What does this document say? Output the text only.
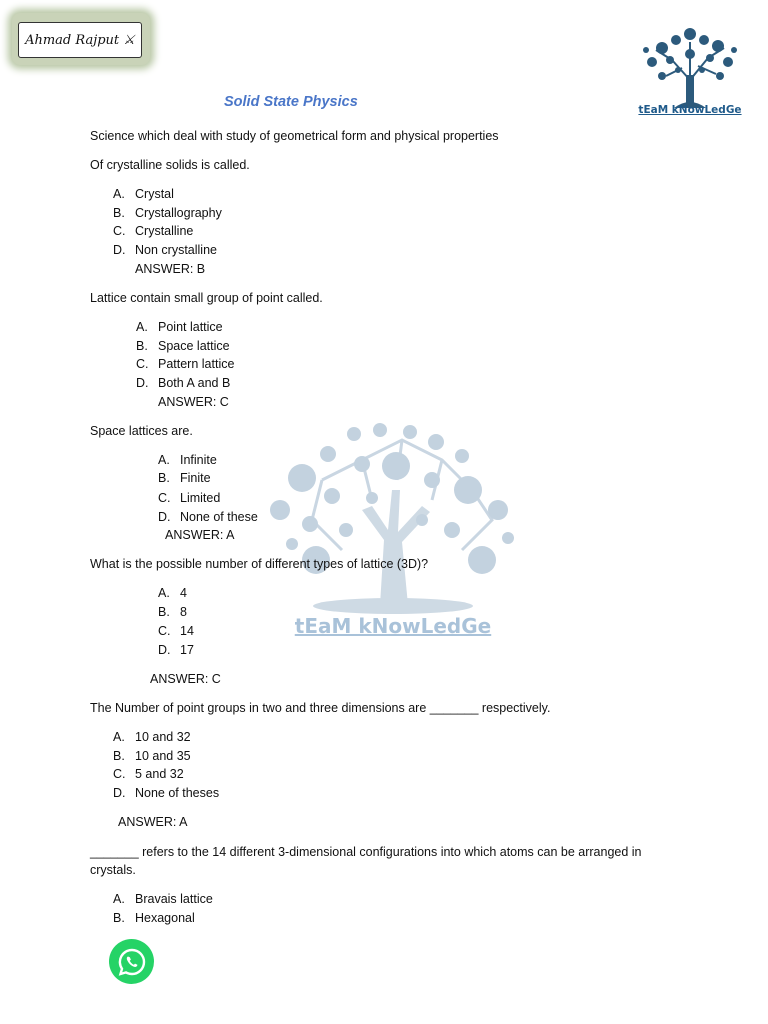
Ahmad Rajput ⚔
tEaM kNowLedGe
tEaM kNowLedGe
Solid State Physics
Science which deal with study of geometrical form and physical properties
Of crystalline solids is called.
A. Crystal
B. Crystallography
C. Crystalline
D. Non crystalline
ANSWER: B
Lattice contain small group of point called.
A. Point lattice
B. Space lattice
C. Pattern lattice
D. Both A and B
ANSWER: C
Space lattices are.
A. Infinite
B. Finite
C. Limited
D. None of these
ANSWER: A
What is the possible number of different types of lattice (3D)?
A. 4
B. 8
C. 14
D. 17
ANSWER: C
The Number of point groups in two and three dimensions are _______ respectively.
A. 10 and 32
B. 10 and 35
C. 5 and 32
D. None of theses
ANSWER: A
_______ refers to the 14 different 3-dimensional configurations into which atoms can be arranged in
crystals.
A. Bravais lattice
B. Hexagonal
